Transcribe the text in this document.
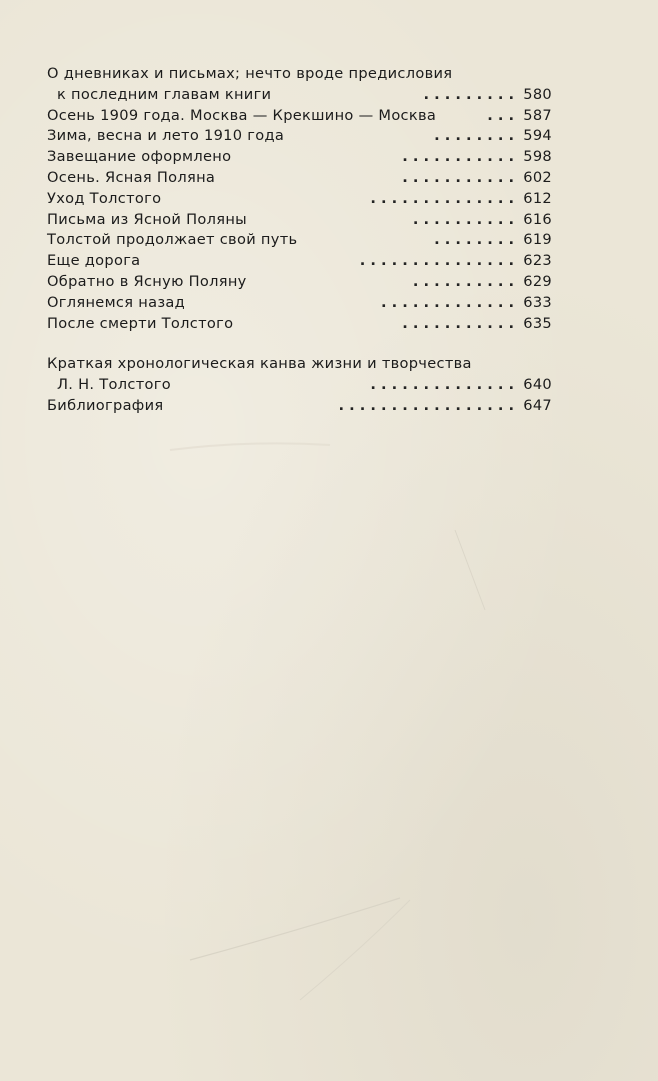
О дневниках и письмах; нечто вроде предисловия
к последним главам книги	. . . . . . . . . 580
Осень 1909 года. Москва — Крекшино — Москва	. . . 587
Зима, весна и лето 1910 года	. . . . . . . . 594
Завещание оформлено	. . . . . . . . . . . 598
Осень. Ясная Поляна	. . . . . . . . . . . 602
Уход Толстого	. . . . . . . . . . . . . . 612
Письма из Ясной Поляны	. . . . . . . . . . 616
Толстой продолжает свой путь	. . . . . . . . 619
Еще дорога	. . . . . . . . . . . . . . . 623
Обратно в Ясную Поляну	. . . . . . . . . . 629
Оглянемся назад	. . . . . . . . . . . . . 633
После смерти Толстого	. . . . . . . . . . . 635
Краткая хронологическая канва жизни и творчества
Л. Н. Толстого	. . . . . . . . . . . . . . 640
Библиография	. . . . . . . . . . . . . . . . . 647
